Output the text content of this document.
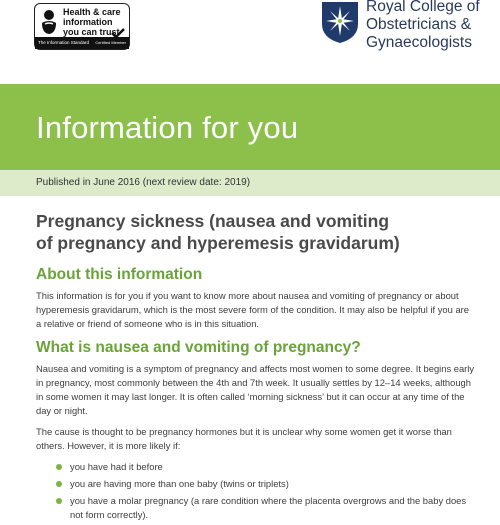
Health & care
information
you can trust
The Information Standard Certified Member
Royal College of
Obstetricians &
Gynaecologists
Information for you
Published in June 2016 (next review date: 2019)
Pregnancy sickness (nausea and vomiting
of pregnancy and hyperemesis gravidarum)
About this information

This information is for you if you want to know more about nausea and vomiting of pregnancy or about hyperemesis gravidarum, which is the most severe form of the condition. It may also be helpful if you are a relative or friend of someone who is in this situation.

What is nausea and vomiting of pregnancy?

Nausea and vomiting is a symptom of pregnancy and affects most women to some degree. It begins early in pregnancy, most commonly between the 4th and 7th week. It usually settles by 12–14 weeks, although in some women it may last longer. It is often called ‘morning sickness’ but it can occur at any time of the day or night.

The cause is thought to be pregnancy hormones but it is unclear why some women get it worse than others. However, it is more likely if:

you have had it before
you are having more than one baby (twins or triplets)
you have a molar pregnancy (a rare condition where the placenta overgrows and the baby does not form correctly).
